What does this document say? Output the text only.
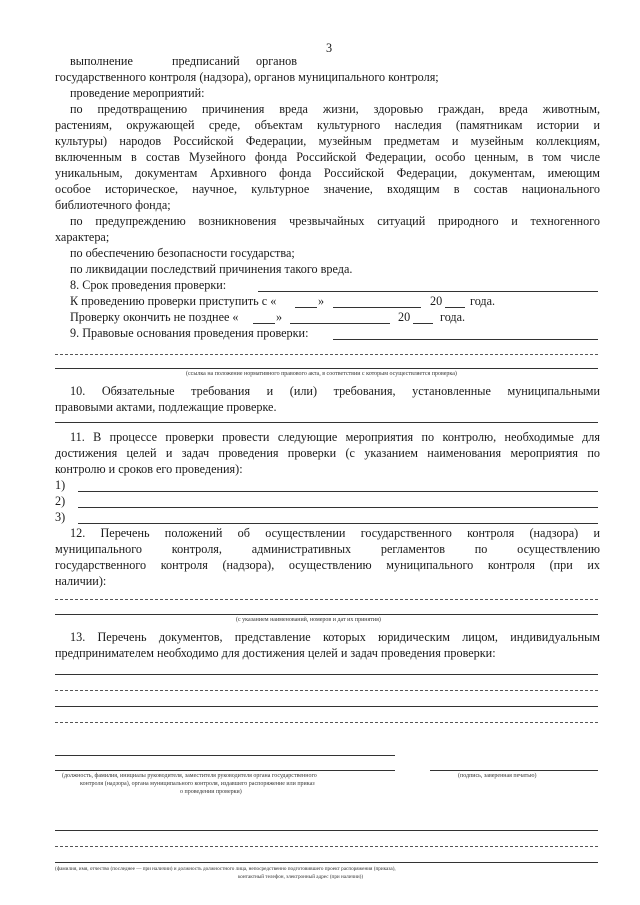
3
выполнение	предписаний органов
государственного контроля (надзора), органов муниципального контроля;
проведение мероприятий:
по предотвращению причинения вреда жизни, здоровью граждан, вреда животным,
растениям, окружающей среде, объектам культурного наследия (памятникам истории и
культуры) народов Российской Федерации, музейным предметам и музейным коллекциям,
включенным в состав Музейного фонда Российской Федерации, особо ценным, в том числе
уникальным, документам Архивного фонда Российской Федерации, документам, имеющим
особое историческое, научное, культурное значение, входящим в состав национального
библиотечного фонда;
по предупреждению возникновения чрезвычайных ситуаций природного и техногенного
характера;
по обеспечению безопасности государства;
по ликвидации последствий причинения такого вреда.
8. Срок проведения проверки:
К проведению проверки приступить с «	»	20 года.
Проверку окончить не позднее «	»	20 года.
9. Правовые основания проведения проверки:
(ссылка на положение нормативного правового акта, в соответствии с которым осуществляется проверка)
10. Обязательные требования и (или) требования, установленные муниципальными
правовыми актами, подлежащие проверке.
11. В процессе проверки провести следующие мероприятия по контролю, необходимые для
достижения целей и задач проведения проверки (с указанием наименования мероприятия по
контролю и сроков его проведения):
1)
2)
3)
12. Перечень положений об осуществлении государственного контроля (надзора) и
муниципального контроля, административных регламентов по осуществлению
государственного контроля (надзора), осуществлению муниципального контроля (при их
наличии):
(с указанием наименований, номеров и дат их принятия)
13. Перечень документов, представление которых юридическим лицом, индивидуальным
предпринимателем необходимо для достижения целей и задач проведения проверки:
(должность, фамилия, инициалы руководителя, заместителя руководителя органа государственного
контроля (надзора), органа муниципального контроля, издавшего распоряжение или приказ
о проведении проверки)
(подпись, заверенная печатью)
(фамилия, имя, отчество (последнее — при наличии) и должность должностного лица, непосредственно подготовившего проект распоряжения (приказа),
контактный телефон, электронный адрес (при наличии))
